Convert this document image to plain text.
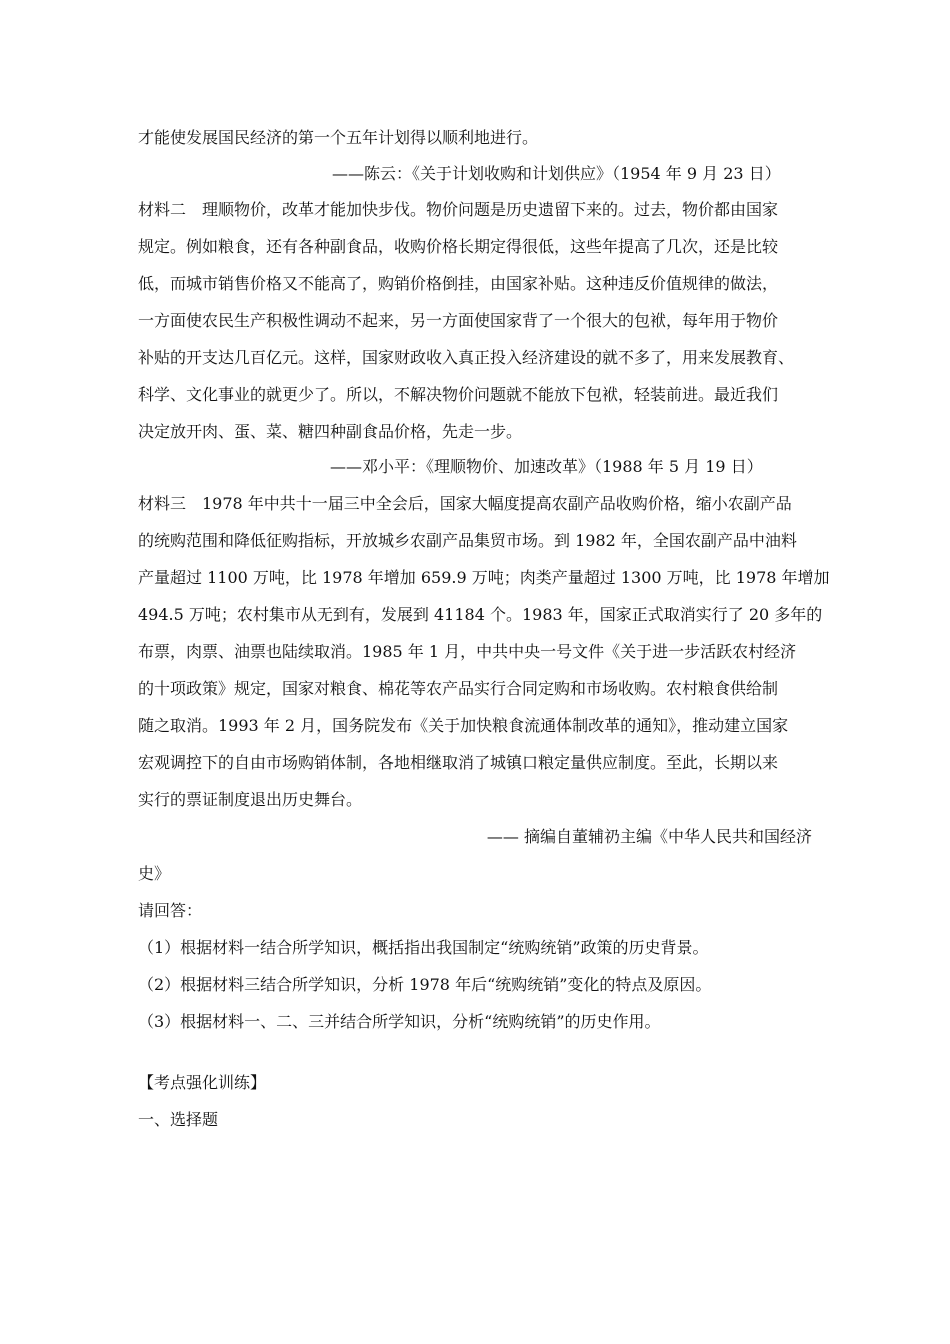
才能使发展国民经济的第一个五年计划得以顺利地进行。
——陈云：《关于计划收购和计划供应》（1954 年 9 月 23 日）
材料二　理顺物价，改革才能加快步伐。物价问题是历史遗留下来的。过去，物价都由国家
规定。例如粮食，还有各种副食品，收购价格长期定得很低，这些年提高了几次，还是比较
低，而城市销售价格又不能高了，购销价格倒挂，由国家补贴。这种违反价值规律的做法，
一方面使农民生产积极性调动不起来，另一方面使国家背了一个很大的包袱，每年用于物价
补贴的开支达几百亿元。这样，国家财政收入真正投入经济建设的就不多了，用来发展教育、
科学、文化事业的就更少了。所以，不解决物价问题就不能放下包袱，轻装前进。最近我们
决定放开肉、蛋、菜、糖四种副食品价格，先走一步。
——邓小平：《理顺物价、加速改革》（1988 年 5 月 19 日）
材料三　1978 年中共十一届三中全会后，国家大幅度提高农副产品收购价格，缩小农副产品
的统购范围和降低征购指标，开放城乡农副产品集贸市场。到 1982 年，全国农副产品中油料
产量超过 1100 万吨，比 1978 年增加 659.9 万吨；肉类产量超过 1300 万吨，比 1978 年增加
494.5 万吨；农村集市从无到有，发展到 41184 个。1983 年，国家正式取消实行了 20 多年的
布票，肉票、油票也陆续取消。1985 年 1 月，中共中央一号文件《关于进一步活跃农村经济
的十项政策》规定，国家对粮食、棉花等农产品实行合同定购和市场收购。农村粮食供给制
随之取消。1993 年 2 月，国务院发布《关于加快粮食流通体制改革的通知》，推动建立国家
宏观调控下的自由市场购销体制，各地相继取消了城镇口粮定量供应制度。至此，长期以来
实行的票证制度退出历史舞台。
—— 摘编自董辅礽主编《中华人民共和国经济
史》
请回答：
（1）根据材料一结合所学知识，概括指出我国制定“统购统销”政策的历史背景。
（2）根据材料三结合所学知识，分析 1978 年后“统购统销”变化的特点及原因。
（3）根据材料一、二、三并结合所学知识，分析“统购统销”的历史作用。
【考点强化训练】
一、选择题
